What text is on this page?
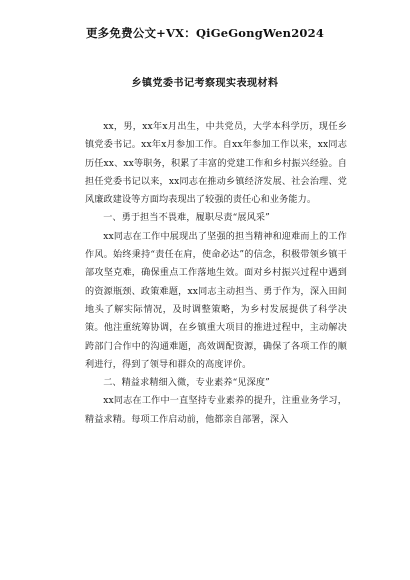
更多免费公文+VX：QiGeGongWen2024
乡镇党委书记考察现实表现材料

xx，男，xx年x月出生，中共党员，大学本科学历，现任乡镇党委书记。xx年x月参加工作。自xx年参加工作以来，xx同志历任xx、xx等职务，积累了丰富的党建工作和乡村振兴经验。自担任党委书记以来，xx同志在推动乡镇经济发展、社会治理、党风廉政建设等方面均表现出了较强的责任心和业务能力。

一、勇于担当不畏难，履职尽责“展风采”

xx同志在工作中展现出了坚强的担当精神和迎难而上的工作作风。始终秉持“责任在肩，使命必达”的信念，积极带领乡镇干部攻坚克难，确保重点工作落地生效。面对乡村振兴过程中遇到的资源瓶颈、政策难题，xx同志主动担当、勇于作为，深入田间地头了解实际情况，及时调整策略，为乡村发展提供了科学决策。他注重统筹协调，在乡镇重大项目的推进过程中，主动解决跨部门合作中的沟通难题，高效调配资源，确保了各项工作的顺利进行，得到了领导和群众的高度评价。

二、精益求精细入微，专业素养“见深度”

xx同志在工作中一直坚持专业素养的提升，注重业务学习，精益求精。每项工作启动前，他都亲自部署，深入
